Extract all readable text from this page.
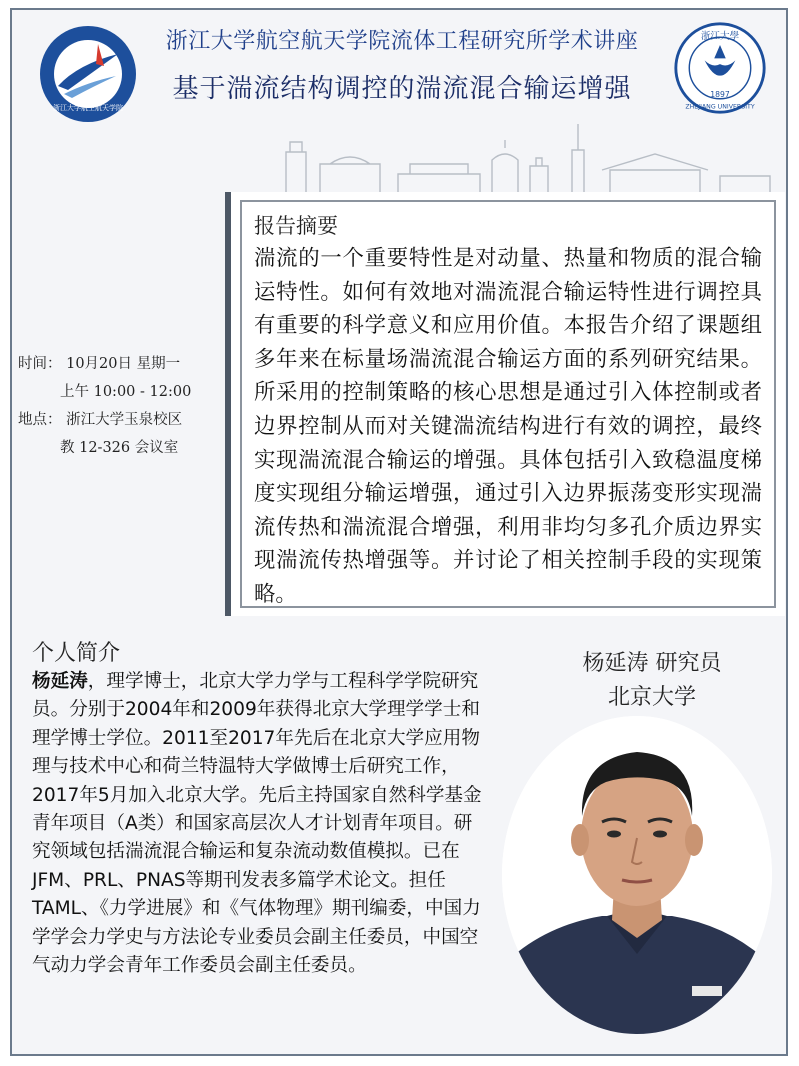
浙江大学航空航天学院
浙江大學
1897
ZHEJIANG UNIVERSITY
浙江大学航空航天学院流体工程研究所学术讲座
基于湍流结构调控的湍流混合输运增强
时间： 10月20日 星期一
上午 10:00 - 12:00
地点： 浙江大学玉泉校区
教 12-326 会议室
报告摘要
湍流的一个重要特性是对动量、热量和物质的混合输运特性。如何有效地对湍流混合输运特性进行调控具有重要的科学意义和应用价值。本报告介绍了课题组多年来在标量场湍流混合输运方面的系列研究结果。所采用的控制策略的核心思想是通过引入体控制或者边界控制从而对关键湍流结构进行有效的调控，最终实现湍流混合输运的增强。具体包括引入致稳温度梯度实现组分输运增强，通过引入边界振荡变形实现湍流传热和湍流混合增强，利用非均匀多孔介质边界实现湍流传热增强等。并讨论了相关控制手段的实现策略。
个人简介
杨延涛，理学博士，北京大学力学与工程科学学院研究员。分别于2004年和2009年获得北京大学理学学士和理学博士学位。2011至2017年先后在北京大学应用物理与技术中心和荷兰特温特大学做博士后研究工作，2017年5月加入北京大学。先后主持国家自然科学基金青年项目（A类）和国家高层次人才计划青年项目。研究领域包括湍流混合输运和复杂流动数值模拟。已在JFM、PRL、PNAS等期刊发表多篇学术论文。担任TAML、《力学进展》和《气体物理》期刊编委，中国力学学会力学史与方法论专业委员会副主任委员，中国空气动力学会青年工作委员会副主任委员。
杨延涛 研究员
北京大学
